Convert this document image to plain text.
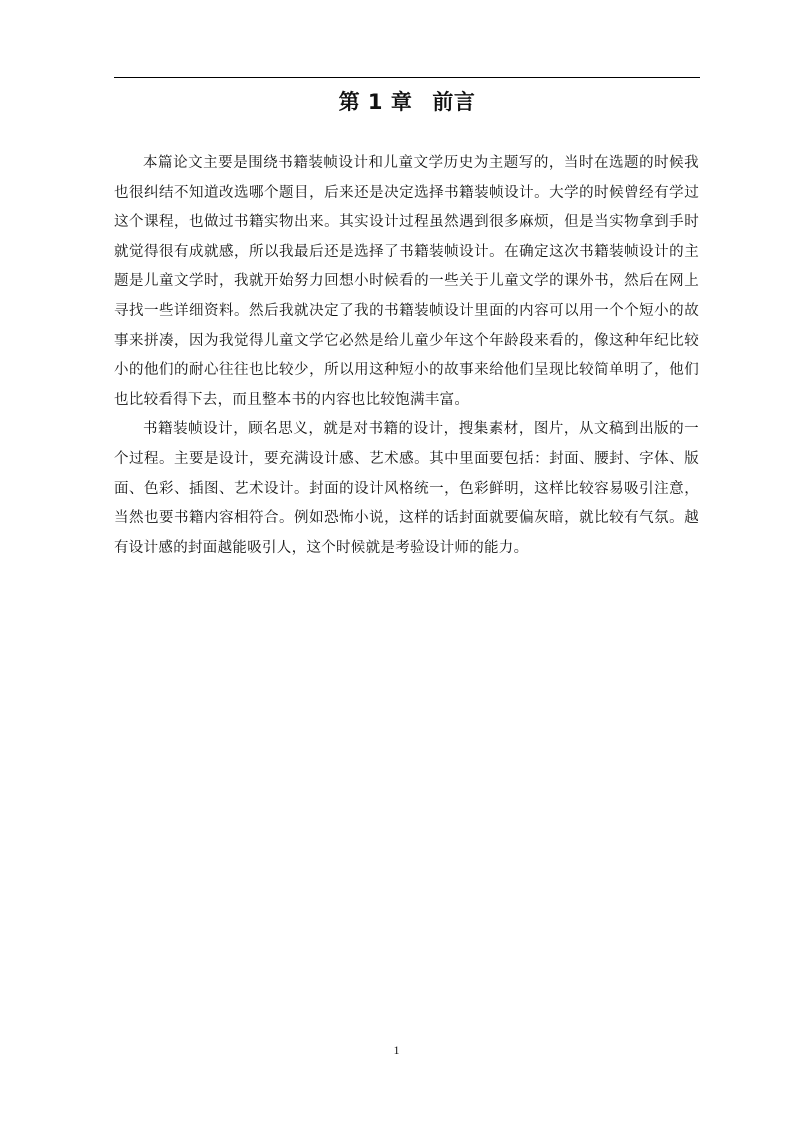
第 1 章 前言

本篇论文主要是围绕书籍装帧设计和儿童文学历史为主题写的，当时在选题的时候我也很纠结不知道改选哪个题目，后来还是决定选择书籍装帧设计。大学的时候曾经有学过这个课程，也做过书籍实物出来。其实设计过程虽然遇到很多麻烦，但是当实物拿到手时就觉得很有成就感，所以我最后还是选择了书籍装帧设计。在确定这次书籍装帧设计的主题是儿童文学时，我就开始努力回想小时候看的一些关于儿童文学的课外书，然后在网上寻找一些详细资料。然后我就决定了我的书籍装帧设计里面的内容可以用一个个短小的故事来拼凑，因为我觉得儿童文学它必然是给儿童少年这个年龄段来看的，像这种年纪比较小的他们的耐心往往也比较少，所以用这种短小的故事来给他们呈现比较简单明了，他们也比较看得下去，而且整本书的内容也比较饱满丰富。

书籍装帧设计，顾名思义，就是对书籍的设计，搜集素材，图片，从文稿到出版的一个过程。主要是设计，要充满设计感、艺术感。其中里面要包括：封面、腰封、字体、版面、色彩、插图、艺术设计。封面的设计风格统一，色彩鲜明，这样比较容易吸引注意，当然也要书籍内容相符合。例如恐怖小说，这样的话封面就要偏灰暗，就比较有气氛。越有设计感的封面越能吸引人，这个时候就是考验设计师的能力。

1
